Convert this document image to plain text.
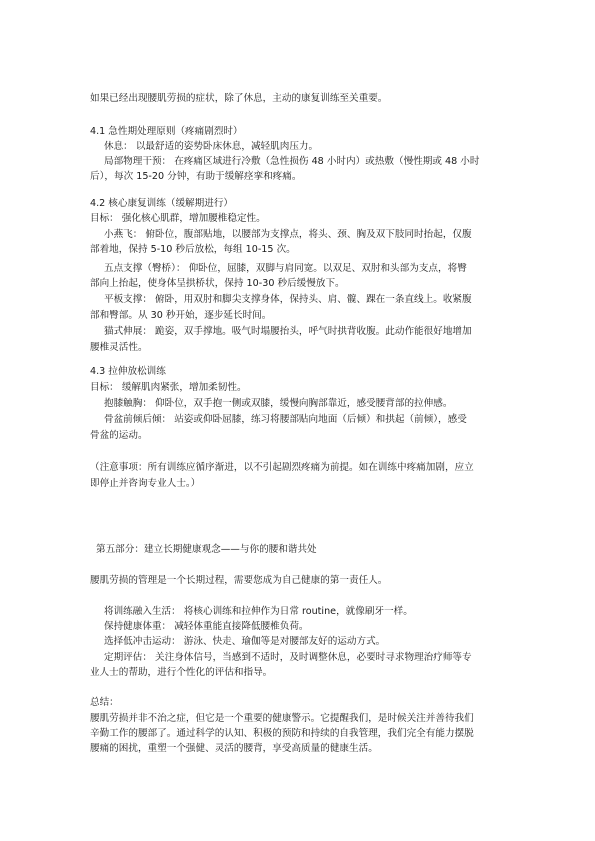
如果已经出现腰肌劳损的症状，除了休息，主动的康复训练至关重要。
4.1 急性期处理原则（疼痛剧烈时）
休息： 以最舒适的姿势卧床休息，减轻肌肉压力。
局部物理干预： 在疼痛区域进行冷敷（急性损伤 48 小时内）或热敷（慢性期或 48 小时
后），每次 15-20 分钟，有助于缓解痉挛和疼痛。
4.2 核心康复训练（缓解期进行）
目标： 强化核心肌群，增加腰椎稳定性。
小燕飞： 俯卧位，腹部贴地，以腰部为支撑点，将头、颈、胸及双下肢同时抬起，仅腹
部着地，保持 5-10 秒后放松，每组 10-15 次。
五点支撑（臀桥）： 仰卧位，屈膝，双脚与肩同宽。以双足、双肘和头部为支点，将臀
部向上抬起，使身体呈拱桥状，保持 10-30 秒后缓慢放下。
平板支撑： 俯卧，用双肘和脚尖支撑身体，保持头、肩、髋、踝在一条直线上。收紧腹
部和臀部。从 30 秒开始，逐步延长时间。
猫式伸展： 跪姿，双手撑地。吸气时塌腰抬头，呼气时拱背收腹。此动作能很好地增加
腰椎灵活性。
4.3 拉伸放松训练
目标： 缓解肌肉紧张，增加柔韧性。
抱膝触胸： 仰卧位，双手抱一侧或双膝，缓慢向胸部靠近，感受腰背部的拉伸感。
骨盆前倾后倾： 站姿或仰卧屈膝，练习将腰部贴向地面（后倾）和拱起（前倾），感受
骨盆的运动。
（注意事项：所有训练应循序渐进，以不引起剧烈疼痛为前提。如在训练中疼痛加剧，应立
即停止并咨询专业人士。）
第五部分：建立长期健康观念——与你的腰和谐共处
腰肌劳损的管理是一个长期过程，需要您成为自己健康的第一责任人。
将训练融入生活： 将核心训练和拉伸作为日常 routine，就像刷牙一样。
保持健康体重： 减轻体重能直接降低腰椎负荷。
选择低冲击运动： 游泳、快走、瑜伽等是对腰部友好的运动方式。
定期评估： 关注身体信号，当感到不适时，及时调整休息，必要时寻求物理治疗师等专
业人士的帮助，进行个性化的评估和指导。
总结：
腰肌劳损并非不治之症，但它是一个重要的健康警示。它提醒我们，是时候关注并善待我们
辛勤工作的腰部了。通过科学的认知、积极的预防和持续的自我管理，我们完全有能力摆脱
腰痛的困扰，重塑一个强健、灵活的腰背，享受高质量的健康生活。
